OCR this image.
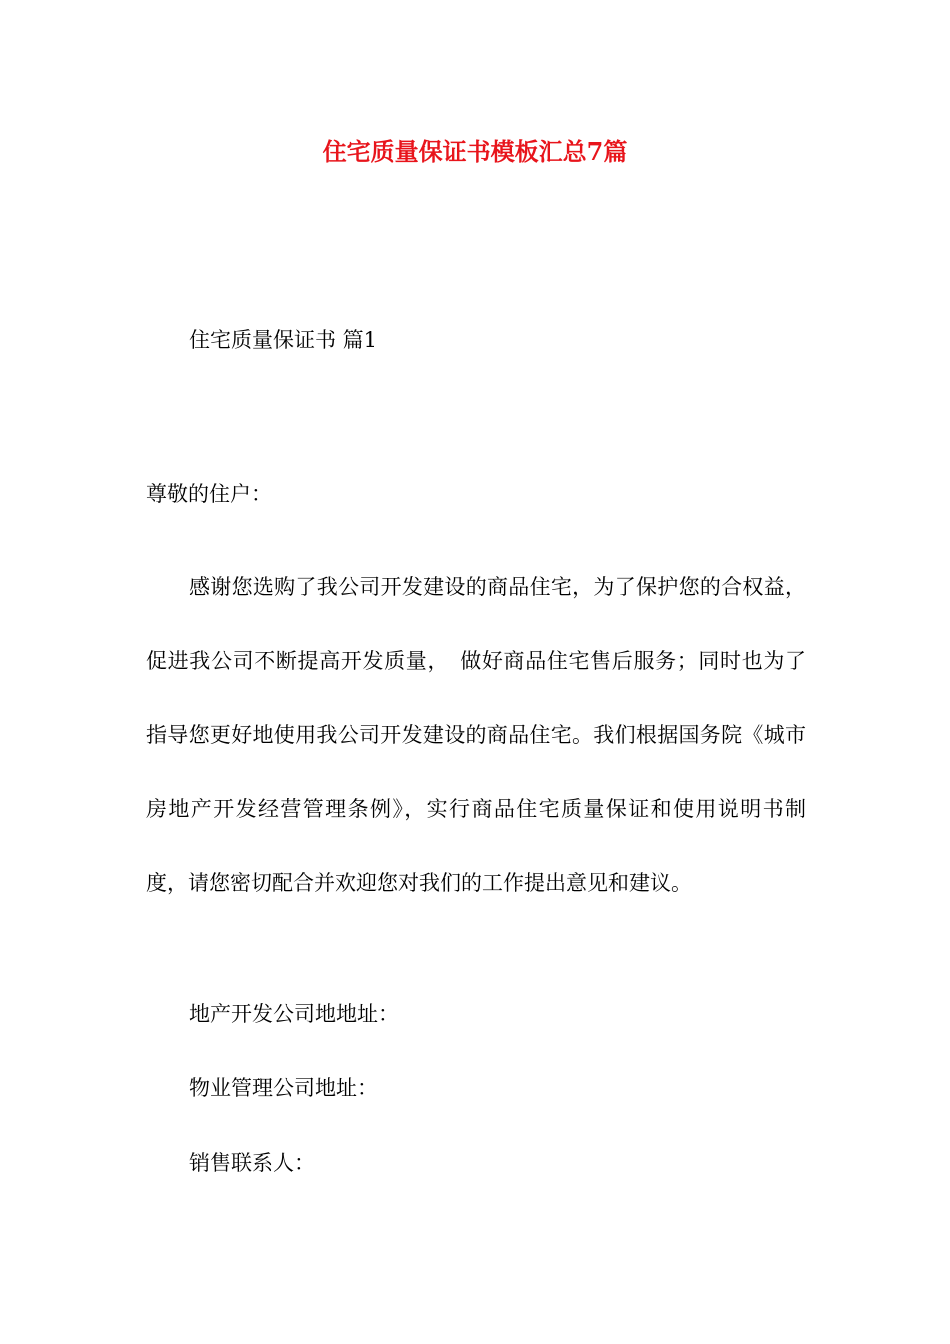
住宅质量保证书模板汇总7篇

住宅质量保证书 篇1

尊敬的住户：

感谢您选购了我公司开发建设的商品住宅，为了保护您的合权益，促进我公司不断提高开发质量，　做好商品住宅售后服务；同时也为了指导您更好地使用我公司开发建设的商品住宅。我们根据国务院《城市房地产开发经营管理条例》，实行商品住宅质量保证和使用说明书制度，请您密切配合并欢迎您对我们的工作提出意见和建议。

地产开发公司地地址：

物业管理公司地址：

销售联系人：
